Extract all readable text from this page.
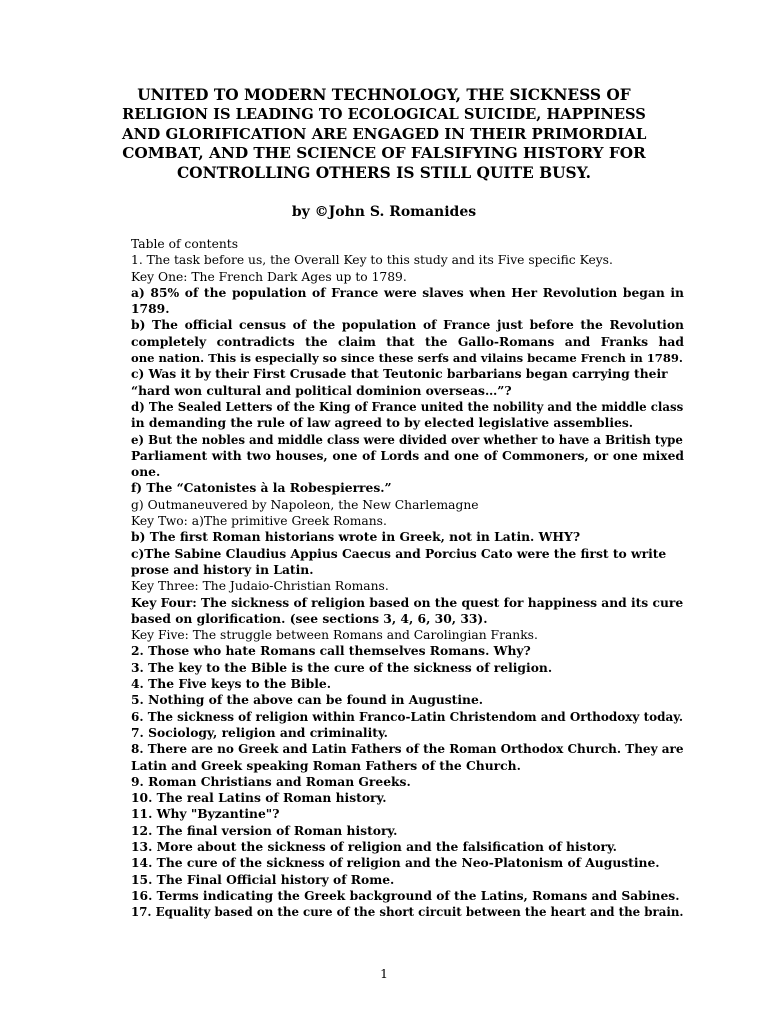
UNITED TO MODERN TECHNOLOGY, THE SICKNESS OF
RELIGION IS LEADING TO ECOLOGICAL SUICIDE, HAPPINESS
AND GLORIFICATION ARE ENGAGED IN THEIR PRIMORDIAL
COMBAT, AND THE SCIENCE OF FALSIFYING HISTORY FOR
CONTROLLING OTHERS IS STILL QUITE BUSY.
by ©John S. Romanides
Table of contents
1. The task before us, the Overall Key to this study and its Five specific Keys.
Key One: The French Dark Ages up to 1789.
a) 85% of the population of France were slaves when Her Revolution began in
1789.
b) The official census of the population of France just before the Revolution
completely contradicts the claim that the Gallo-Romans and Franks had
one nation. This is especially so since these serfs and vilains became French in 1789.
c) Was it by their First Crusade that Teutonic barbarians began carrying their
“hard won cultural and political dominion overseas…”?
d) The Sealed Letters of the King of France united the nobility and the middle class
in demanding the rule of law agreed to by elected legislative assemblies.
e) But the nobles and middle class were divided over whether to have a British type
Parliament with two houses, one of Lords and one of Commoners, or one mixed
one.
f) The “Catonistes à la Robespierres.”
g) Outmaneuvered by Napoleon, the New Charlemagne
Key Two: a)The primitive Greek Romans.
b) The first Roman historians wrote in Greek, not in Latin. WHY?
c)The Sabine Claudius Appius Caecus and Porcius Cato were the first to write
prose and history in Latin.
Key Three: The Judaio-Christian Romans.
Key Four: The sickness of religion based on the quest for happiness and its cure
based on glorification. (see sections 3, 4, 6, 30, 33).
Key Five: The struggle between Romans and Carolingian Franks.
2. Those who hate Romans call themselves Romans. Why?
3. The key to the Bible is the cure of the sickness of religion.
4. The Five keys to the Bible.
5. Nothing of the above can be found in Augustine.
6. The sickness of religion within Franco-Latin Christendom and Orthodoxy today.
7. Sociology, religion and criminality.
8. There are no Greek and Latin Fathers of the Roman Orthodox Church. They are
Latin and Greek speaking Roman Fathers of the Church.
9. Roman Christians and Roman Greeks.
10. The real Latins of Roman history.
11. Why "Byzantine"?
12. The final version of Roman history.
13. More about the sickness of religion and the falsification of history.
14. The cure of the sickness of religion and the Neo-Platonism of Augustine.
15. The Final Official history of Rome.
16. Terms indicating the Greek background of the Latins, Romans and Sabines.
17. Equality based on the cure of the short circuit between the heart and the brain.
1
